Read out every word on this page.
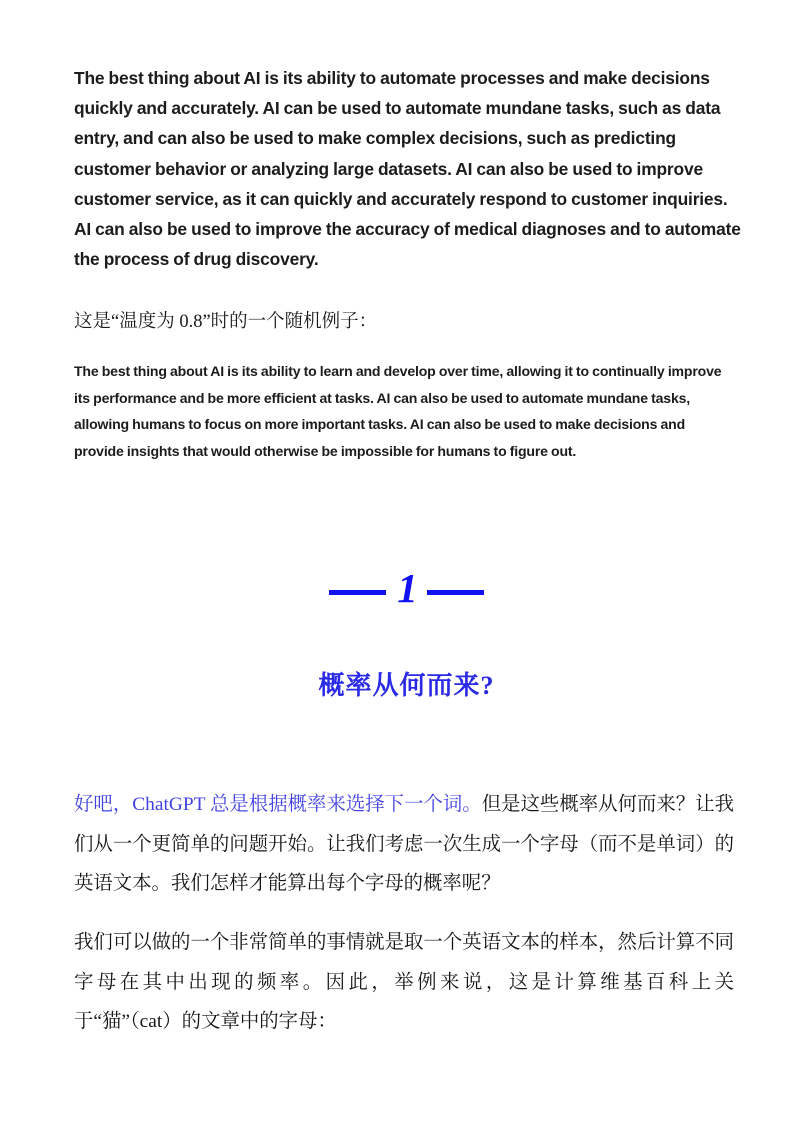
The best thing about AI is its ability to automate processes and make decisions quickly and accurately. AI can be used to automate mundane tasks, such as data entry, and can also be used to make complex decisions, such as predicting customer behavior or analyzing large datasets. AI can also be used to improve customer service, as it can quickly and accurately respond to customer inquiries. AI can also be used to improve the accuracy of medical diagnoses and to automate the process of drug discovery.

这是“温度为 0.8”时的一个随机例子：

The best thing about AI is its ability to learn and develop over time, allowing it to continually improve its performance and be more efficient at tasks. AI can also be used to automate mundane tasks, allowing humans to focus on more important tasks. AI can also be used to make decisions and provide insights that would otherwise be impossible for humans to figure out.

1
概率从何而来?

好吧，ChatGPT 总是根据概率来选择下一个词。但是这些概率从何而来？让我们从一个更简单的问题开始。让我们考虑一次生成一个字母（而不是单词）的英语文本。我们怎样才能算出每个字母的概率呢？

我们可以做的一个非常简单的事情就是取一个英语文本的样本，然后计算不同字母在其中出现的频率。因此，举例来说，这是计算维基百科上关于“猫”（cat）的文章中的字母：
